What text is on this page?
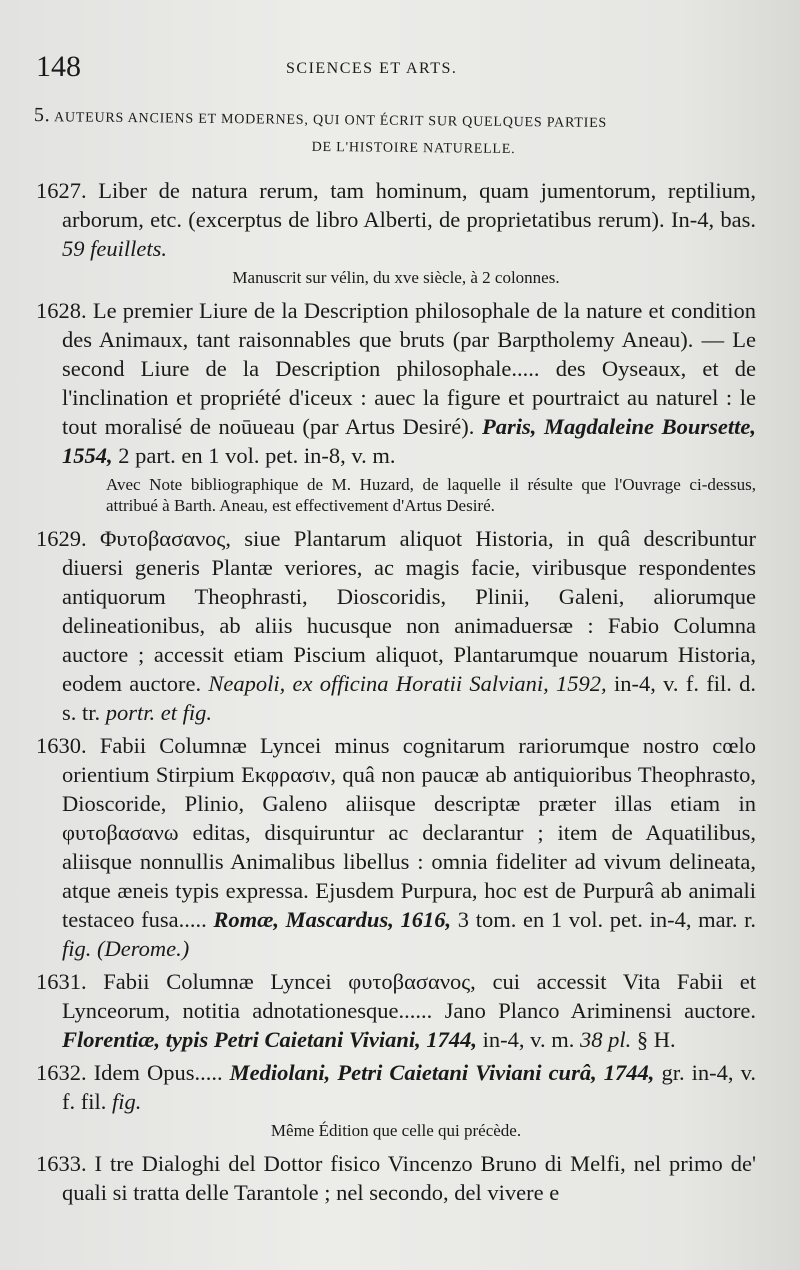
148	SCIENCES ET ARTS.
5. AUTEURS ANCIENS ET MODERNES, QUI ONT ÉCRIT SUR QUELQUES PARTIES
DE L'HISTOIRE NATURELLE.

1627. Liber de natura rerum, tam hominum, quam jumentorum, reptilium, arborum, etc. (excerptus de libro Alberti, de proprietatibus rerum). In-4, bas. 59 feuillets.

Manuscrit sur vélin, du xve siècle, à 2 colonnes.

1628. Le premier Liure de la Description philosophale de la nature et condition des Animaux, tant raisonnables que bruts (par Barptholemy Aneau). — Le second Liure de la Description philosophale..... des Oyseaux, et de l'inclination et propriété d'iceux : auec la figure et pourtraict au naturel : le tout moralisé de noūueau (par Artus Desiré). Paris, Magdaleine Boursette, 1554, 2 part. en 1 vol. pet. in-8, v. m.

Avec Note bibliographique de M. Huzard, de laquelle il résulte que l'Ouvrage ci-dessus, attribué à Barth. Aneau, est effectivement d'Artus Desiré.

1629. Φυτοβασανος, siue Plantarum aliquot Historia, in quâ describuntur diuersi generis Plantæ veriores, ac magis facie, viribusque respondentes antiquorum Theophrasti, Dioscoridis, Plinii, Galeni, aliorumque delineationibus, ab aliis hucusque non animaduersæ : Fabio Columna auctore ; accessit etiam Piscium aliquot, Plantarumque nouarum Historia, eodem auctore. Neapoli, ex officina Horatii Salviani, 1592, in-4, v. f. fil. d. s. tr. portr. et fig.

1630. Fabii Columnæ Lyncei minus cognitarum rariorumque nostro cœlo orientium Stirpium Εκφρασιν, quâ non paucæ ab antiquioribus Theophrasto, Dioscoride, Plinio, Galeno aliisque descriptæ præter illas etiam in φυτοβασανω editas, disquiruntur ac declarantur ; item de Aquatilibus, aliisque nonnullis Animalibus libellus : omnia fideliter ad vivum delineata, atque æneis typis expressa. Ejusdem Purpura, hoc est de Purpurâ ab animali testaceo fusa..... Romæ, Mascardus, 1616, 3 tom. en 1 vol. pet. in-4, mar. r. fig. (Derome.)

1631. Fabii Columnæ Lyncei φυτοβασανος, cui accessit Vita Fabii et Lynceorum, notitia adnotationesque...... Jano Planco Ariminensi auctore. Florentiæ, typis Petri Caietani Viviani, 1744, in-4, v. m. 38 pl. § H.

1632. Idem Opus..... Mediolani, Petri Caietani Viviani curâ, 1744, gr. in-4, v. f. fil. fig.

Même Édition que celle qui précède.

1633. I tre Dialoghi del Dottor fisico Vincenzo Bruno di Melfi, nel primo de' quali si tratta delle Tarantole ; nel secondo, del vivere e
